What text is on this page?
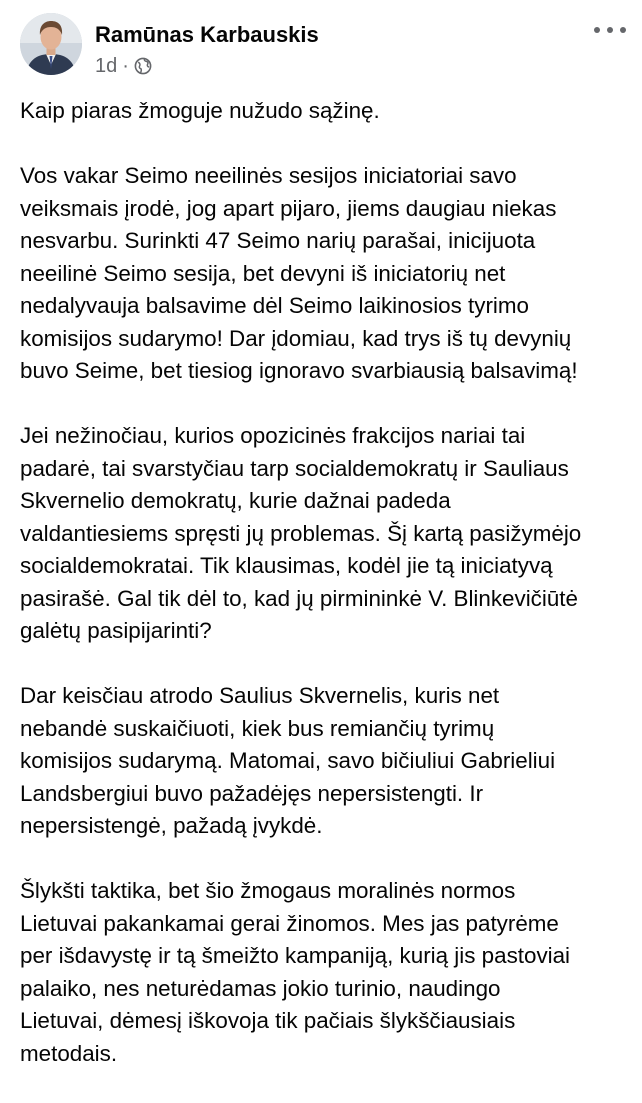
Ramūnas Karbauskis
1d ·

Kaip piaras žmoguje nužudo sąžinę.

Vos vakar Seimo neeilinės sesijos iniciatoriai savo
veiksmais įrodė, jog apart pijaro, jiems daugiau niekas
nesvarbu. Surinkti 47 Seimo narių parašai, inicijuota
neeilinė Seimo sesija, bet devyni iš iniciatorių net
nedalyvauja balsavime dėl Seimo laikinosios tyrimo
komisijos sudarymo! Dar įdomiau, kad trys iš tų devynių
buvo Seime, bet tiesiog ignoravo svarbiausią balsavimą!

Jei nežinočiau, kurios opozicinės frakcijos nariai tai
padarė, tai svarstyčiau tarp socialdemokratų ir Sauliaus
Skvernelio demokratų, kurie dažnai padeda
valdantiesiems spręsti jų problemas. Šį kartą pasižymėjo
socialdemokratai. Tik klausimas, kodėl jie tą iniciatyvą
pasirašė. Gal tik dėl to, kad jų pirmininkė V. Blinkevičiūtė
galėtų pasipijarinti?

Dar keisčiau atrodo Saulius Skvernelis, kuris net
nebandė suskaičiuoti, kiek bus remiančių tyrimų
komisijos sudarymą. Matomai, savo bičiuliui Gabrieliui
Landsbergiui buvo pažadėjęs nepersistengti. Ir
nepersistengė, pažadą įvykdė.

Šlykšti taktika, bet šio žmogaus moralinės normos
Lietuvai pakankamai gerai žinomos. Mes jas patyrėme
per išdavystę ir tą šmeižto kampaniją, kurią jis pastoviai
palaiko, nes neturėdamas jokio turinio, naudingo
Lietuvai, dėmesį iškovoja tik pačiais šlykščiausiais
metodais.
